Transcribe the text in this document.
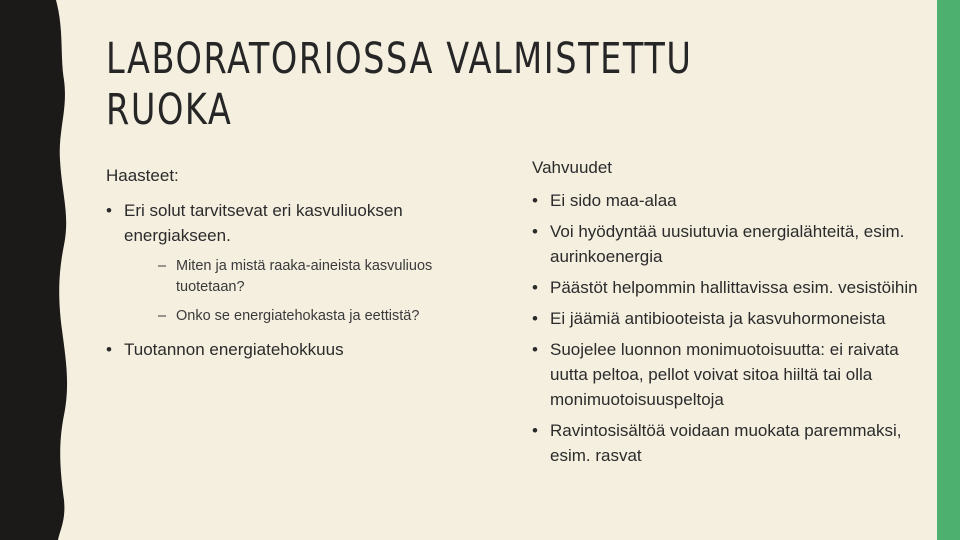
LABORATORIOSSA VALMISTETTU
RUOKA
Haasteet:
• Eri solut tarvitsevat eri kasvuliuoksen energiakseen.
– Miten ja mistä raaka-aineista kasvuliuos tuotetaan?
– Onko se energiatehokasta ja eettistä?
• Tuotannon energiatehokkuus
Vahvuudet
• Ei sido maa-alaa
• Voi hyödyntää uusiutuvia energialähteitä, esim. aurinkoenergia
• Päästöt helpommin hallittavissa esim. vesistöihin
• Ei jäämiä antibiooteista ja kasvuhormoneista
• Suojelee luonnon monimuotoisuutta: ei raivata uutta peltoa, pellot voivat sitoa hiiltä tai olla monimuotoisuuspeltoja
• Ravintosisältöä voidaan muokata paremmaksi, esim. rasvat
